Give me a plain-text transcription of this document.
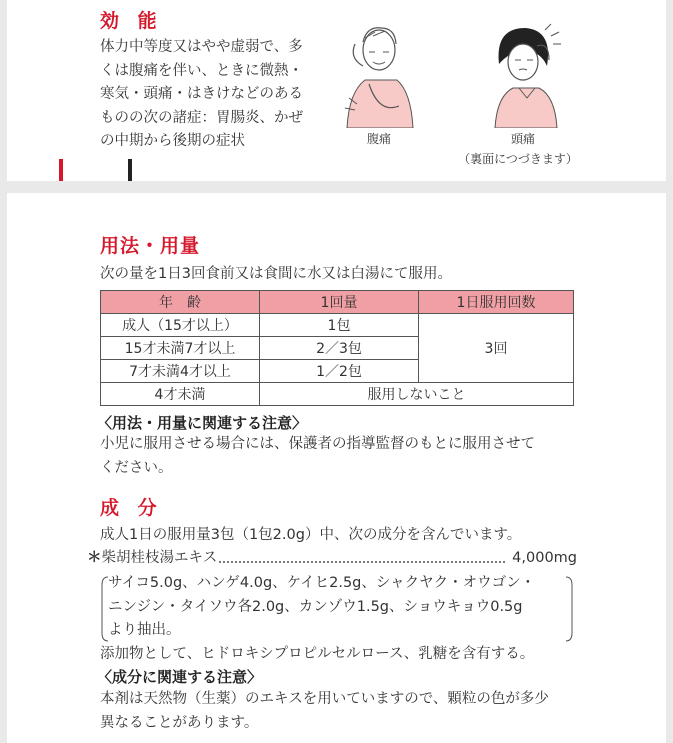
効 能
体力中等度又はやや虚弱で、多
くは腹痛を伴い、ときに微熱・
寒気・頭痛・はきけなどのある
ものの次の諸症：胃腸炎、かぜ
の中期から後期の症状	腹痛	頭痛
（裏面につづきます）
用法・用量
次の量を1日3回食前又は食間に水又は白湯にて服用。
年　齢	1回量	1日服用回数
成人（15才以上）	1包	3回
15才未満7才以上	2／3包	
7才未満4才以上	1／2包	
4才未満	服用しないこと	
〈用法・用量に関連する注意〉
小児に服用させる場合には、保護者の指導監督のもとに服用させて
ください。
成 分
成人1日の服用量3包（1包2.0g）中、次の成分を含んでいます。
＊柴胡桂枝湯エキス	4,000mg
サイコ5.0g、ハンゲ4.0g、ケイヒ2.5g、シャクヤク・オウゴン・
ニンジン・タイソウ各2.0g、カンゾウ1.5g、ショウキョウ0.5g
より抽出。
添加物として、ヒドロキシプロピルセルロース、乳糖を含有する。
〈成分に関連する注意〉
本剤は天然物（生薬）のエキスを用いていますので、顆粒の色が多少
異なることがあります。
